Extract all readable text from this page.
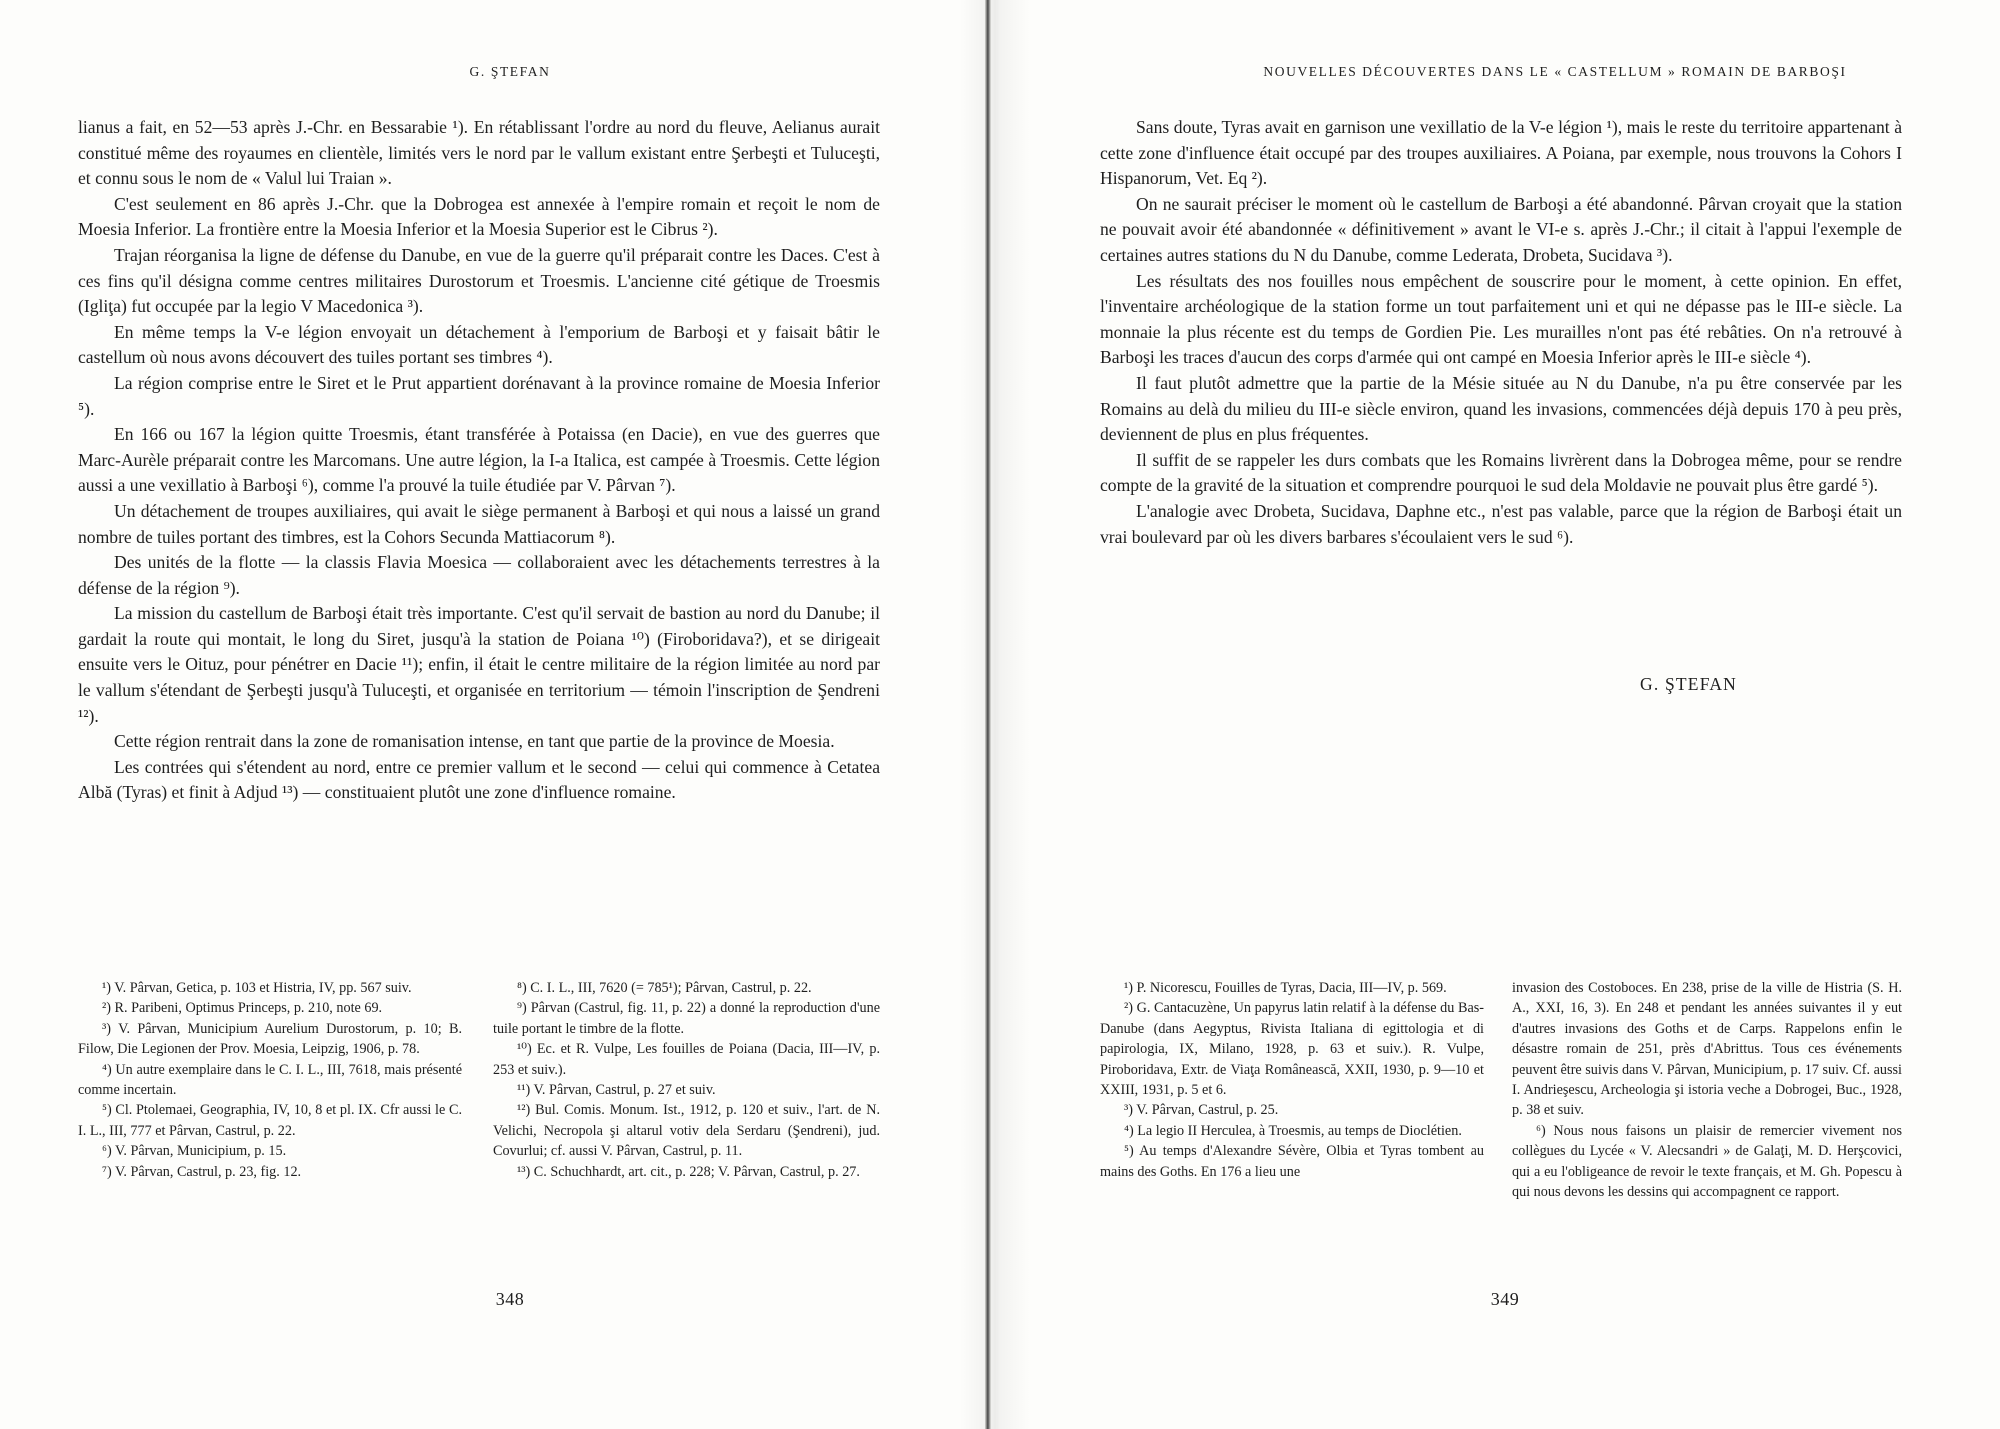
G. ŞTEFAN

lianus a fait, en 52—53 après J.-Chr. en Bessarabie ¹). En rétablissant l'ordre au nord du fleuve, Aelianus aurait constitué même des royaumes en clientèle, limités vers le nord par le vallum existant entre Şerbeşti et Tuluceşti, et connu sous le nom de « Valul lui Traian ».

C'est seulement en 86 après J.-Chr. que la Dobrogea est annexée à l'empire romain et reçoit le nom de Moesia Inferior. La frontière entre la Moesia Inferior et la Moesia Superior est le Cibrus ²).

Trajan réorganisa la ligne de défense du Danube, en vue de la guerre qu'il préparait contre les Daces. C'est à ces fins qu'il désigna comme centres militaires Durostorum et Troesmis. L'ancienne cité gétique de Troesmis (Igliţa) fut occupée par la legio V Macedonica ³).

En même temps la V-e légion envoyait un détachement à l'emporium de Barboşi et y faisait bâtir le castellum où nous avons découvert des tuiles portant ses timbres ⁴).

La région comprise entre le Siret et le Prut appartient dorénavant à la province romaine de Moesia Inferior ⁵).

En 166 ou 167 la légion quitte Troesmis, étant transférée à Potaissa (en Dacie), en vue des guerres que Marc-Aurèle préparait contre les Marcomans. Une autre légion, la I-a Italica, est campée à Troesmis. Cette légion aussi a une vexillatio à Barboşi ⁶), comme l'a prouvé la tuile étudiée par V. Pârvan ⁷).

Un détachement de troupes auxiliaires, qui avait le siège permanent à Barboşi et qui nous a laissé un grand nombre de tuiles portant des timbres, est la Cohors Secunda Mattiacorum ⁸).

Des unités de la flotte — la classis Flavia Moesica — collaboraient avec les détachements terrestres à la défense de la région ⁹).

La mission du castellum de Barboşi était très importante. C'est qu'il servait de bastion au nord du Danube; il gardait la route qui montait, le long du Siret, jusqu'à la station de Poiana ¹⁰) (Firoboridava?), et se dirigeait ensuite vers le Oituz, pour pénétrer en Dacie ¹¹); enfin, il était le centre militaire de la région limitée au nord par le vallum s'étendant de Şerbeşti jusqu'à Tuluceşti, et organisée en territorium — témoin l'inscription de Şendreni ¹²).

Cette région rentrait dans la zone de romanisation intense, en tant que partie de la province de Moesia.

Les contrées qui s'étendent au nord, entre ce premier vallum et le second — celui qui commence à Cetatea Albă (Tyras) et finit à Adjud ¹³) — constituaient plutôt une zone d'influence romaine.

¹) V. Pârvan, Getica, p. 103 et Histria, IV, pp. 567 suiv.

²) R. Paribeni, Optimus Princeps, p. 210, note 69.

³) V. Pârvan, Municipium Aurelium Durostorum, p. 10; B. Filow, Die Legionen der Prov. Moesia, Leipzig, 1906, p. 78.

⁴) Un autre exemplaire dans le C. I. L., III, 7618, mais présenté comme incertain.

⁵) Cl. Ptolemaei, Geographia, IV, 10, 8 et pl. IX. Cfr aussi le C. I. L., III, 777 et Pârvan, Castrul, p. 22.

⁶) V. Pârvan, Municipium, p. 15.

⁷) V. Pârvan, Castrul, p. 23, fig. 12.

⁸) C. I. L., III, 7620 (= 785¹); Pârvan, Castrul, p. 22.

⁹) Pârvan (Castrul, fig. 11, p. 22) a donné la reproduction d'une tuile portant le timbre de la flotte.

¹⁰) Ec. et R. Vulpe, Les fouilles de Poiana (Dacia, III—IV, p. 253 et suiv.).

¹¹) V. Pârvan, Castrul, p. 27 et suiv.

¹²) Bul. Comis. Monum. Ist., 1912, p. 120 et suiv., l'art. de N. Velichi, Necropola şi altarul votiv dela Serdaru (Şendreni), jud. Covurlui; cf. aussi V. Pârvan, Castrul, p. 11.

¹³) C. Schuchhardt, art. cit., p. 228; V. Pârvan, Castrul, p. 27.

348
NOUVELLES DÉCOUVERTES DANS LE « CASTELLUM » ROMAIN DE BARBOŞI

Sans doute, Tyras avait en garnison une vexillatio de la V-e légion ¹), mais le reste du territoire appartenant à cette zone d'influence était occupé par des troupes auxiliaires. A Poiana, par exemple, nous trouvons la Cohors I Hispanorum, Vet. Eq ²).

On ne saurait préciser le moment où le castellum de Barboşi a été abandonné. Pârvan croyait que la station ne pouvait avoir été abandonnée « définitivement » avant le VI-e s. après J.-Chr.; il citait à l'appui l'exemple de certaines autres stations du N du Danube, comme Lederata, Drobeta, Sucidava ³).

Les résultats des nos fouilles nous empêchent de souscrire pour le moment, à cette opinion. En effet, l'inventaire archéologique de la station forme un tout parfaitement uni et qui ne dépasse pas le III-e siècle. La monnaie la plus récente est du temps de Gordien Pie. Les murailles n'ont pas été rebâties. On n'a retrouvé à Barboşi les traces d'aucun des corps d'armée qui ont campé en Moesia Inferior après le III-e siècle ⁴).

Il faut plutôt admettre que la partie de la Mésie située au N du Danube, n'a pu être conservée par les Romains au delà du milieu du III-e siècle environ, quand les invasions, commencées déjà depuis 170 à peu près, deviennent de plus en plus fréquentes.

Il suffit de se rappeler les durs combats que les Romains livrèrent dans la Dobrogea même, pour se rendre compte de la gravité de la situation et comprendre pourquoi le sud dela Moldavie ne pouvait plus être gardé ⁵).

L'analogie avec Drobeta, Sucidava, Daphne etc., n'est pas valable, parce que la région de Barboşi était un vrai boulevard par où les divers barbares s'écoulaient vers le sud ⁶).

G. ŞTEFAN

¹) P. Nicorescu, Fouilles de Tyras, Dacia, III—IV, p. 569.

²) G. Cantacuzène, Un papyrus latin relatif à la défense du Bas-Danube (dans Aegyptus, Rivista Italiana di egittologia et di papirologia, IX, Milano, 1928, p. 63 et suiv.). R. Vulpe, Piroboridava, Extr. de Viaţa Românească, XXII, 1930, p. 9—10 et XXIII, 1931, p. 5 et 6.

³) V. Pârvan, Castrul, p. 25.

⁴) La legio II Herculea, à Troesmis, au temps de Dioclétien.

⁵) Au temps d'Alexandre Sévère, Olbia et Tyras tombent au mains des Goths. En 176 a lieu une

invasion des Costoboces. En 238, prise de la ville de Histria (S. H. A., XXI, 16, 3). En 248 et pendant les années suivantes il y eut d'autres invasions des Goths et de Carps. Rappelons enfin le désastre romain de 251, près d'Abrittus. Tous ces événements peuvent être suivis dans V. Pârvan, Municipium, p. 17 suiv. Cf. aussi I. Andrieşescu, Archeologia şi istoria veche a Dobrogei, Buc., 1928, p. 38 et suiv.

⁶) Nous nous faisons un plaisir de remercier vivement nos collègues du Lycée « V. Alecsandri » de Galaţi, M. D. Herşcovici, qui a eu l'obligeance de revoir le texte français, et M. Gh. Popescu à qui nous devons les dessins qui accompagnent ce rapport.

349
